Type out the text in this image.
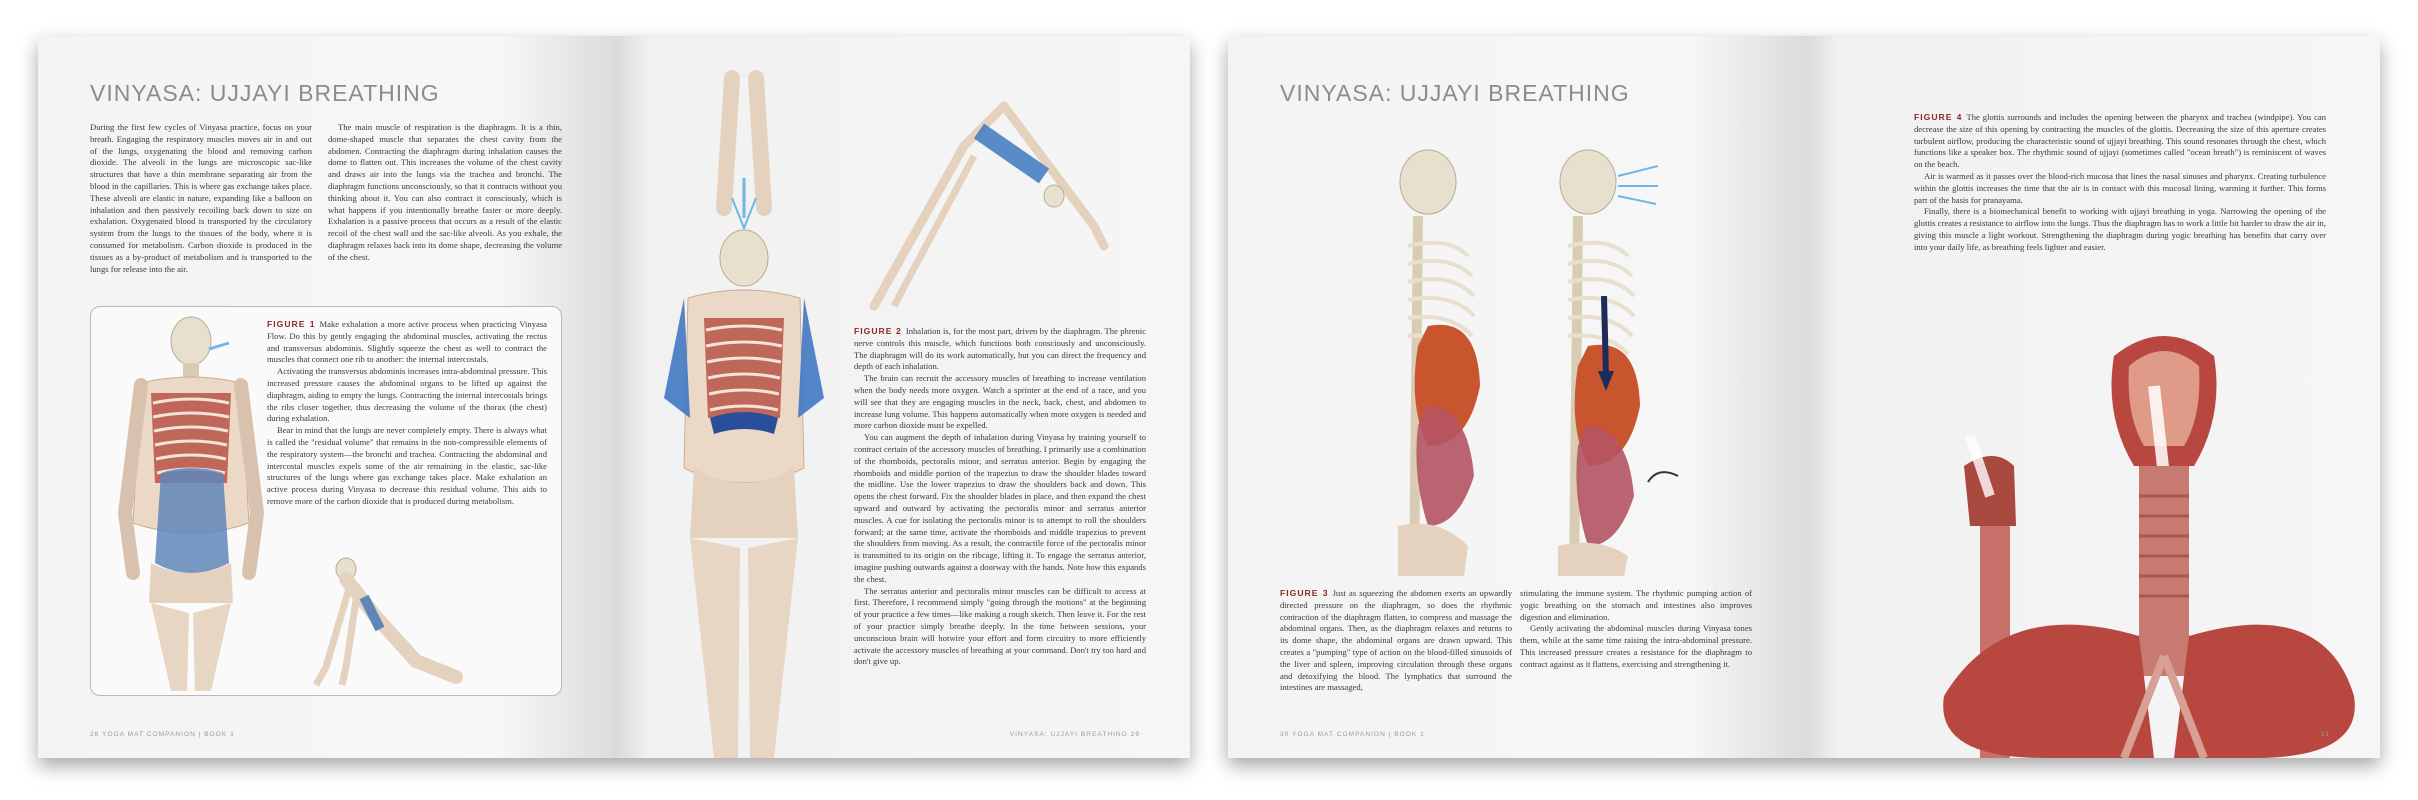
VINYASA: UJJAYI BREATHING

During the first few cycles of Vinyasa practice, focus on your breath. Engaging the respiratory muscles moves air in and out of the lungs, oxygenating the blood and removing carbon dioxide. The alveoli in the lungs are microscopic sac-like structures that have a thin membrane separating air from the blood in the capillaries. This is where gas exchange takes place. These alveoli are elastic in nature, expanding like a balloon on inhalation and then passively recoiling back down to size on exhalation. Oxygenated blood is transported by the circulatory system from the lungs to the tissues of the body, where it is consumed for metabolism. Carbon dioxide is produced in the tissues as a by-product of metabolism and is transported to the lungs for release into the air.

The main muscle of respiration is the diaphragm. It is a thin, dome-shaped muscle that separates the chest cavity from the abdomen. Contracting the diaphragm during inhalation causes the dome to flatten out. This increases the volume of the chest cavity and draws air into the lungs via the trachea and bronchi. The diaphragm functions unconsciously, so that it contracts without you thinking about it. You can also contract it consciously, which is what happens if you intentionally breathe faster or more deeply. Exhalation is a passive process that occurs as a result of the elastic recoil of the chest wall and the sac-like alveoli. As you exhale, the diaphragm relaxes back into its dome shape, decreasing the volume of the chest.

FIGURE 1 Make exhalation a more active process when practicing Vinyasa Flow. Do this by gently engaging the abdominal muscles, activating the rectus and transversus abdominis. Slightly squeeze the chest as well to contract the muscles that connect one rib to another: the internal intercostals.

Activating the transversus abdominis increases intra-abdominal pressure. This increased pressure causes the abdominal organs to be lifted up against the diaphragm, aiding to empty the lungs. Contracting the internal intercostals brings the ribs closer together, thus decreasing the volume of the thorax (the chest) during exhalation.

Bear in mind that the lungs are never completely empty. There is always what is called the "residual volume" that remains in the non-compressible elements of the respiratory system—the bronchi and trachea. Contracting the abdominal and intercostal muscles expels some of the air remaining in the elastic, sac-like structures of the lungs where gas exchange takes place. Make exhalation an active process during Vinyasa to decrease this residual volume. This aids to remove more of the carbon dioxide that is produced during metabolism.

28 YOGA MAT COMPANION | BOOK 1

FIGURE 2 Inhalation is, for the most part, driven by the diaphragm. The phrenic nerve controls this muscle, which functions both consciously and unconsciously. The diaphragm will do its work automatically, but you can direct the frequency and depth of each inhalation.

The brain can recruit the accessory muscles of breathing to increase ventilation when the body needs more oxygen. Watch a sprinter at the end of a race, and you will see that they are engaging muscles in the neck, back, chest, and abdomen to increase lung volume. This happens automatically when more oxygen is needed and more carbon dioxide must be expelled.

You can augment the depth of inhalation during Vinyasa by training yourself to contract certain of the accessory muscles of breathing. I primarily use a combination of the rhomboids, pectoralis minor, and serratus anterior. Begin by engaging the rhomboids and middle portion of the trapezius to draw the shoulder blades toward the midline. Use the lower trapezius to draw the shoulders back and down. This opens the chest forward. Fix the shoulder blades in place, and then expand the chest upward and outward by activating the pectoralis minor and serratus anterior muscles. A cue for isolating the pectoralis minor is to attempt to roll the shoulders forward; at the same time, activate the rhomboids and middle trapezius to prevent the shoulders from moving. As a result, the contractile force of the pectoralis minor is transmitted to its origin on the ribcage, lifting it. To engage the serratus anterior, imagine pushing outwards against a doorway with the hands. Note how this expands the chest.

The serratus anterior and pectoralis minor muscles can be difficult to access at first. Therefore, I recommend simply "going through the motions" at the beginning of your practice a few times—like making a rough sketch. Then leave it. For the rest of your practice simply breathe deeply. In the time between sessions, your unconscious brain will hotwire your effort and form circuitry to more efficiently activate the accessory muscles of breathing at your command. Don't try too hard and don't give up.

VINYASA: UJJAYI BREATHING 29
VINYASA: UJJAYI BREATHING

FIGURE 3 Just as squeezing the abdomen exerts an upwardly directed pressure on the diaphragm, so does the rhythmic contraction of the diaphragm flatten, to compress and massage the abdominal organs. Then, as the diaphragm relaxes and returns to its dome shape, the abdominal organs are drawn upward. This creates a "pumping" type of action on the blood-filled sinusoids of the liver and spleen, improving circulation through these organs and detoxifying the blood. The lymphatics that surround the intestines are massaged,

stimulating the immune system. The rhythmic pumping action of yogic breathing on the stomach and intestines also improves digestion and elimination.

Gently activating the abdominal muscles during Vinyasa tones them, while at the same time raising the intra-abdominal pressure. This increased pressure creates a resistance for the diaphragm to contract against as it flattens, exercising and strengthening it.

30 YOGA MAT COMPANION | BOOK 1

FIGURE 4 The glottis surrounds and includes the opening between the pharynx and trachea (windpipe). You can decrease the size of this opening by contracting the muscles of the glottis. Decreasing the size of this aperture creates turbulent airflow, producing the characteristic sound of ujjayi breathing. This sound resonates through the chest, which functions like a speaker box. The rhythmic sound of ujjayi (sometimes called "ocean breath") is reminiscent of waves on the beach.

Air is warmed as it passes over the blood-rich mucosa that lines the nasal sinuses and pharynx. Creating turbulence within the glottis increases the time that the air is in contact with this mucosal lining, warming it further. This forms part of the basis for pranayama.

Finally, there is a biomechanical benefit to working with ujjayi breathing in yoga. Narrowing the opening of the glottis creates a resistance to airflow into the lungs. Thus the diaphragm has to work a little bit harder to draw the air in, giving this muscle a light workout. Strengthening the diaphragm during yogic breathing has benefits that carry over into your daily life, as breathing feels lighter and easier.

31
